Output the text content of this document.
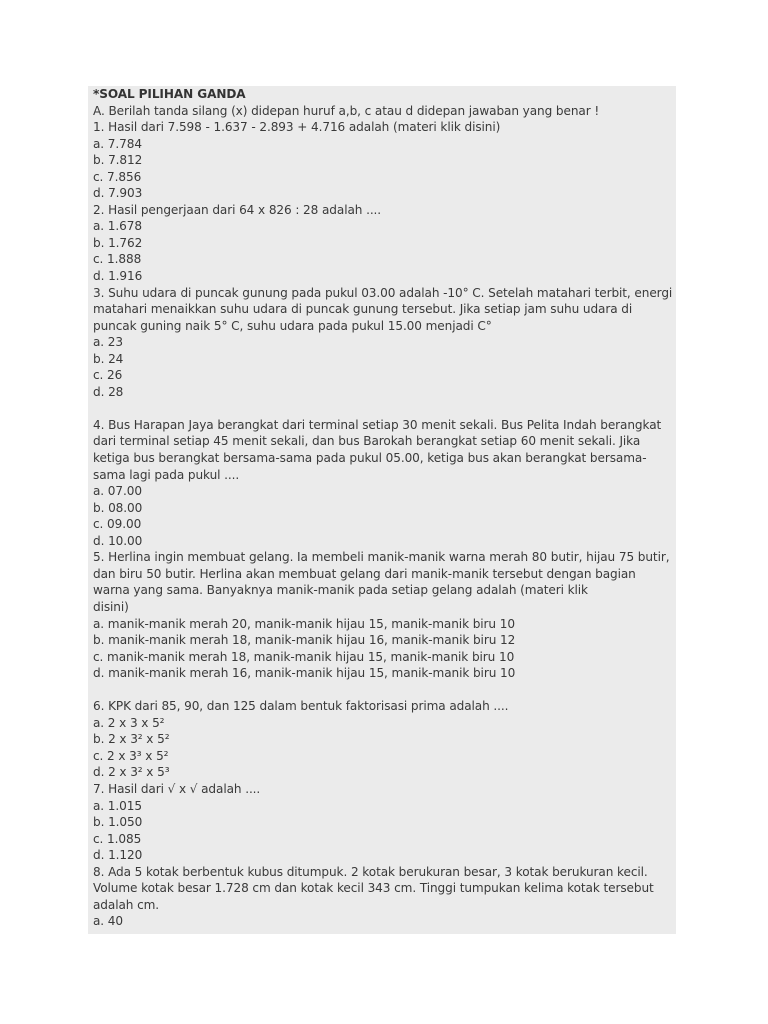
*SOAL PILIHAN GANDA
A. Berilah tanda silang (x) didepan huruf a,b, c atau d didepan jawaban yang benar !
1. Hasil dari 7.598 - 1.637 - 2.893 + 4.716 adalah (materi klik disini)
a. 7.784
b. 7.812
c. 7.856
d. 7.903
2. Hasil pengerjaan dari 64 x 826 : 28 adalah ....
a. 1.678
b. 1.762
c. 1.888
d. 1.916
3. Suhu udara di puncak gunung pada pukul 03.00 adalah -10° C. Setelah matahari terbit, energi
matahari menaikkan suhu udara di puncak gunung tersebut. Jika setiap jam suhu udara di
puncak guning naik 5° C, suhu udara pada pukul 15.00 menjadi C°
a. 23
b. 24
c. 26
d. 28
4. Bus Harapan Jaya berangkat dari terminal setiap 30 menit sekali. Bus Pelita Indah berangkat
dari terminal setiap 45 menit sekali, dan bus Barokah berangkat setiap 60 menit sekali. Jika
ketiga bus berangkat bersama-sama pada pukul 05.00, ketiga bus akan berangkat bersama-
sama lagi pada pukul ....
a. 07.00
b. 08.00
c. 09.00
d. 10.00
5. Herlina ingin membuat gelang. Ia membeli manik-manik warna merah 80 butir, hijau 75 butir,
dan biru 50 butir. Herlina akan membuat gelang dari manik-manik tersebut dengan bagian
warna yang sama. Banyaknya manik-manik pada setiap gelang adalah (materi klik
disini)
a. manik-manik merah 20, manik-manik hijau 15, manik-manik biru 10
b. manik-manik merah 18, manik-manik hijau 16, manik-manik biru 12
c. manik-manik merah 18, manik-manik hijau 15, manik-manik biru 10
d. manik-manik merah 16, manik-manik hijau 15, manik-manik biru 10
6. KPK dari 85, 90, dan 125 dalam bentuk faktorisasi prima adalah ....
a. 2 x 3 x 5²
b. 2 x 3² x 5²
c. 2 x 3³ x 5²
d. 2 x 3² x 5³
7. Hasil dari √ x √ adalah ....
a. 1.015
b. 1.050
c. 1.085
d. 1.120
8. Ada 5 kotak berbentuk kubus ditumpuk. 2 kotak berukuran besar, 3 kotak berukuran kecil.
Volume kotak besar 1.728 cm dan kotak kecil 343 cm. Tinggi tumpukan kelima kotak tersebut
adalah cm.
a. 40
